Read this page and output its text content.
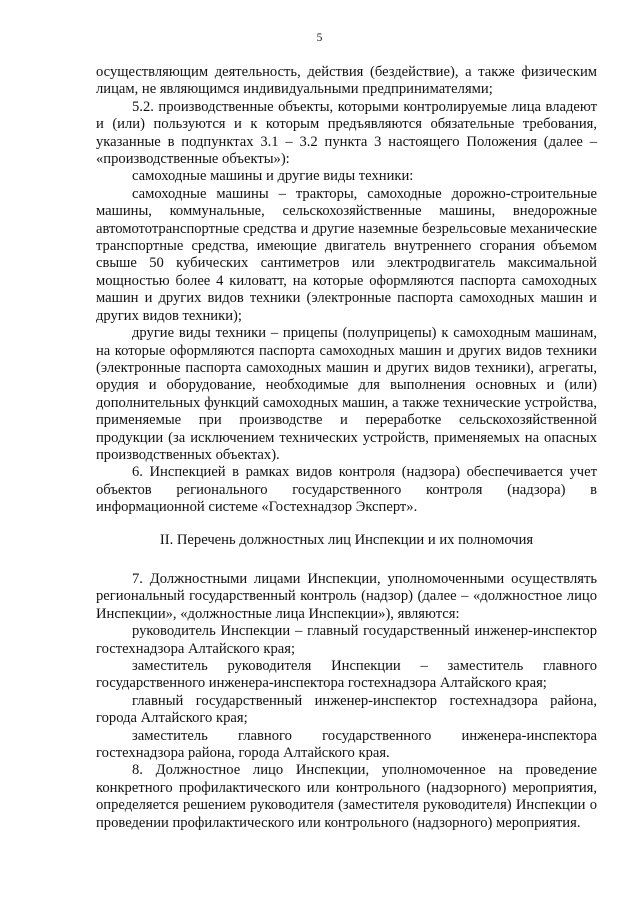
5

осуществляющим деятельность, действия (бездействие), а также физическим лицам, не являющимся индивидуальными предпринимателями;

5.2. производственные объекты, которыми контролируемые лица владеют и (или) пользуются и к которым предъявляются обязательные требования, указанные в подпунктах 3.1 – 3.2 пункта 3 настоящего Положения (далее – «производственные объекты»):

самоходные машины и другие виды техники:

самоходные машины – тракторы, самоходные дорожно-строительные машины, коммунальные, сельскохозяйственные машины, внедорожные автомототранспортные средства и другие наземные безрельсовые механические транспортные средства, имеющие двигатель внутреннего сгорания объемом свыше 50 кубических сантиметров или электродвигатель максимальной мощностью более 4 киловатт, на которые оформляются паспорта самоходных машин и других видов техники (электронные паспорта самоходных машин и других видов техники);

другие виды техники – прицепы (полуприцепы) к самоходным машинам, на которые оформляются паспорта самоходных машин и других видов техники (электронные паспорта самоходных машин и других видов техники), агрегаты, орудия и оборудование, необходимые для выполнения основных и (или) дополнительных функций самоходных машин, а также технические устройства, применяемые при производстве и переработке сельскохозяйственной продукции (за исключением технических устройств, применяемых на опасных производственных объектах).

6. Инспекцией в рамках видов контроля (надзора) обеспечивается учет объектов регионального государственного контроля (надзора) в информационной системе «Гостехнадзор Эксперт».

II. Перечень должностных лиц Инспекции и их полномочия

7. Должностными лицами Инспекции, уполномоченными осуществлять региональный государственный контроль (надзор) (далее – «должностное лицо Инспекции», «должностные лица Инспекции»), являются:

руководитель Инспекции – главный государственный инженер-инспектор гостехнадзора Алтайского края;

заместитель руководителя Инспекции – заместитель главного государственного инженера-инспектора гостехнадзора Алтайского края;

главный государственный инженер-инспектор гостехнадзора района, города Алтайского края;

заместитель главного государственного инженера-инспектора гостехнадзора района, города Алтайского края.

8. Должностное лицо Инспекции, уполномоченное на проведение конкретного профилактического или контрольного (надзорного) мероприятия, определяется решением руководителя (заместителя руководителя) Инспекции о проведении профилактического или контрольного (надзорного) мероприятия.
